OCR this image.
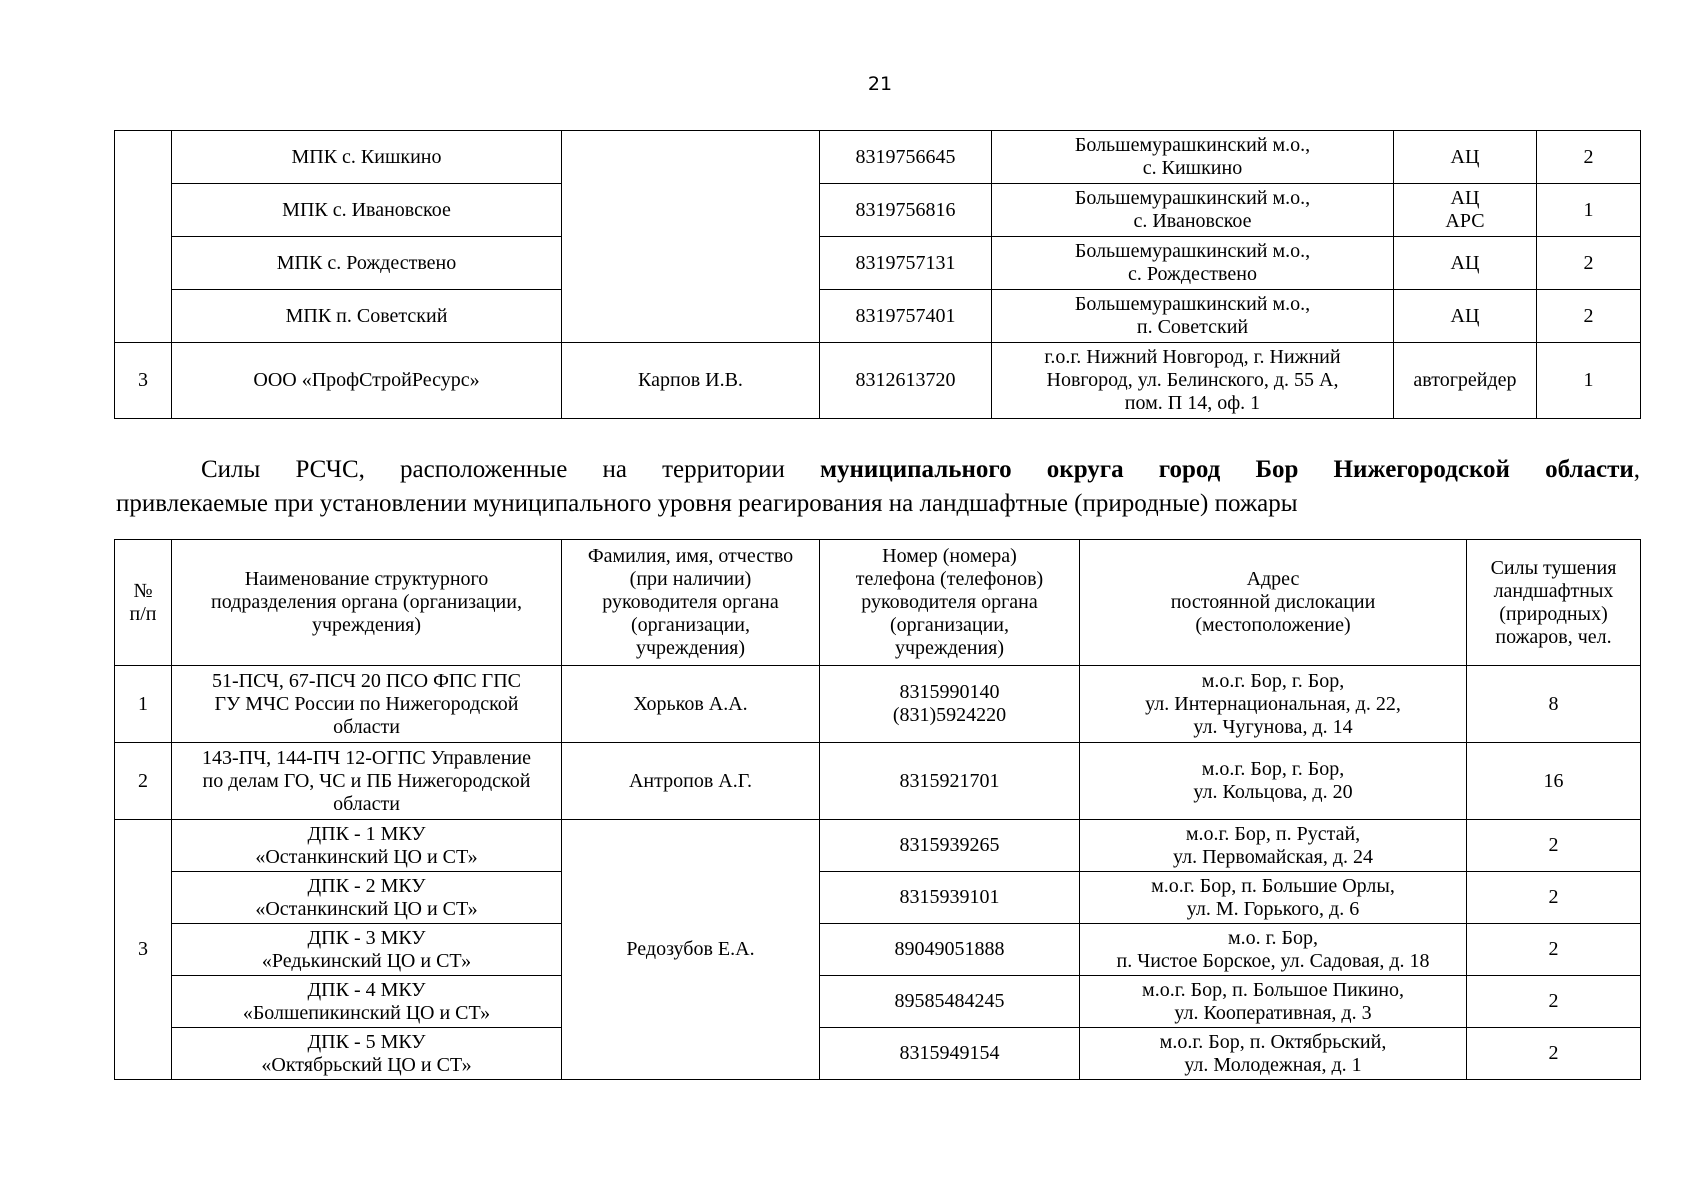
21
	МПК с. Кишкино		8319756645	Большемурашкинский м.о.,
с. Кишкино	АЦ	2
	МПК с. Ивановское		8319756816	Большемурашкинский м.о.,
с. Ивановское	АЦ
АРС	1
	МПК с. Рождествено		8319757131	Большемурашкинский м.о.,
с. Рождествено	АЦ	2
	МПК п. Советский		8319757401	Большемурашкинский м.о.,
п. Советский	АЦ	2
3	ООО «ПрофСтройРесурс»	Карпов И.В.	8312613720	г.о.г. Нижний Новгород, г. Нижний
Новгород, ул. Белинского, д. 55 А,
пом. П 14, оф. 1	автогрейдер	1
Силы РСЧС, расположенные на территории муниципального округа город Бор Нижегородской области,
привлекаемые при установлении муниципального уровня реагирования на ландшафтные (природные) пожары
№
п/п	Наименование структурного
подразделения органа (организации,
учреждения)	Фамилия, имя, отчество
(при наличии)
руководителя органа
(организации,
учреждения)	Номер (номера)
телефона (телефонов)
руководителя органа
(организации,
учреждения)	Адрес
постоянной дислокации
(местоположение)	Силы тушения
ландшафтных
(природных)
пожаров, чел.

1	51-ПСЧ, 67-ПСЧ 20 ПСО ФПС ГПС
ГУ МЧС России по Нижегородской
области	Хорьков А.А.	8315990140
(831)5924220	м.о.г. Бор, г. Бор,
ул. Интернациональная, д. 22,
ул. Чугунова, д. 14	8
2	143-ПЧ, 144-ПЧ 12-ОГПС Управление
по делам ГО, ЧС и ПБ Нижегородской
области	Антропов А.Г.	8315921701	м.о.г. Бор, г. Бор,
ул. Кольцова, д. 20	16
3	ДПК - 1 МКУ
«Останкинский ЦО и СТ»	Редозубов Е.А.	8315939265	м.о.г. Бор, п. Рустай,
ул. Первомайская, д. 24	2

	ДПК - 2 МКУ
«Останкинский ЦО и СТ»		8315939101	м.о.г. Бор, п. Большие Орлы,
ул. М. Горького, д. 6	2

	ДПК - 3 МКУ
«Редькинский ЦО и СТ»		89049051888	м.о. г. Бор,
п. Чистое Борское, ул. Садовая, д. 18	2

	ДПК - 4 МКУ
«Болшепикинский ЦО и СТ»		89585484245	м.о.г. Бор, п. Большое Пикино,
ул. Кооперативная, д. 3	2

	ДПК - 5 МКУ
«Октябрьский ЦО и СТ»		8315949154	м.о.г. Бор, п. Октябрьский,
ул. Молодежная, д. 1	2
